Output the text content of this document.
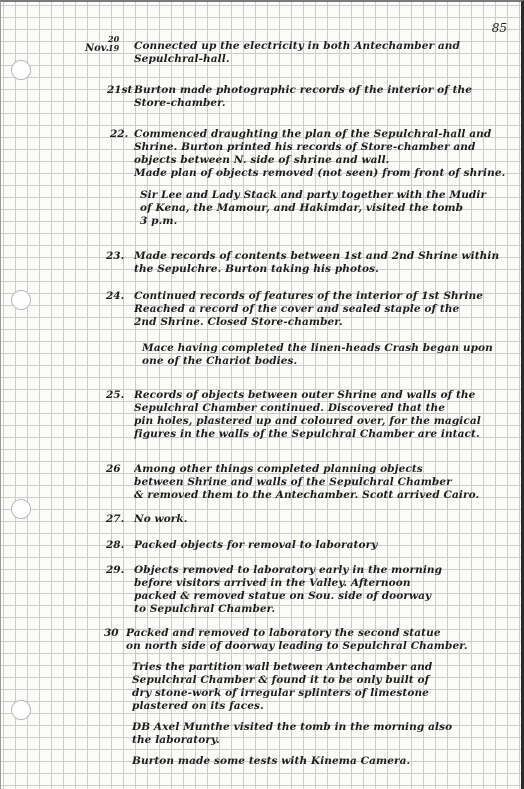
85
Nov.
20
19 Connected up the electricity in both Antechamber and
Sepulchral-hall.
21st Burton made photographic records of the interior of the
Store-chamber.
22. Commenced draughting the plan of the Sepulchral-hall and
Shrine. Burton printed his records of Store-chamber and
objects between N. side of shrine and wall.
Made plan of objects removed (not seen) from front of shrine.
Sir Lee and Lady Stack and party together with the Mudir
of Kena, the Mamour, and Hakimdar, visited the tomb
3 p.m.
23. Made records of contents between 1st and 2nd Shrine within
the Sepulchre. Burton taking his photos.
24. Continued records of features of the interior of 1st Shrine
Reached a record of the cover and sealed staple of the
2nd Shrine. Closed Store-chamber.
Mace having completed the linen-heads Crash began upon
one of the Chariot bodies.
25. Records of objects between outer Shrine and walls of the
Sepulchral Chamber continued. Discovered that the
pin holes, plastered up and coloured over, for the magical
figures in the walls of the Sepulchral Chamber are intact.
26 Among other things completed planning objects
between Shrine and walls of the Sepulchral Chamber
& removed them to the Antechamber. Scott arrived Cairo.
27. No work.
28. Packed objects for removal to laboratory
29. Objects removed to laboratory early in the morning
before visitors arrived in the Valley. Afternoon
packed & removed statue on Sou. side of doorway
to Sepulchral Chamber.
30 Packed and removed to laboratory the second statue
on north side of doorway leading to Sepulchral Chamber.
Tries the partition wall between Antechamber and
Sepulchral Chamber & found it to be only built of
dry stone-work of irregular splinters of limestone
plastered on its faces.
DB Axel Munthe visited the tomb in the morning also
the laboratory.
Burton made some tests with Kinema Camera.
